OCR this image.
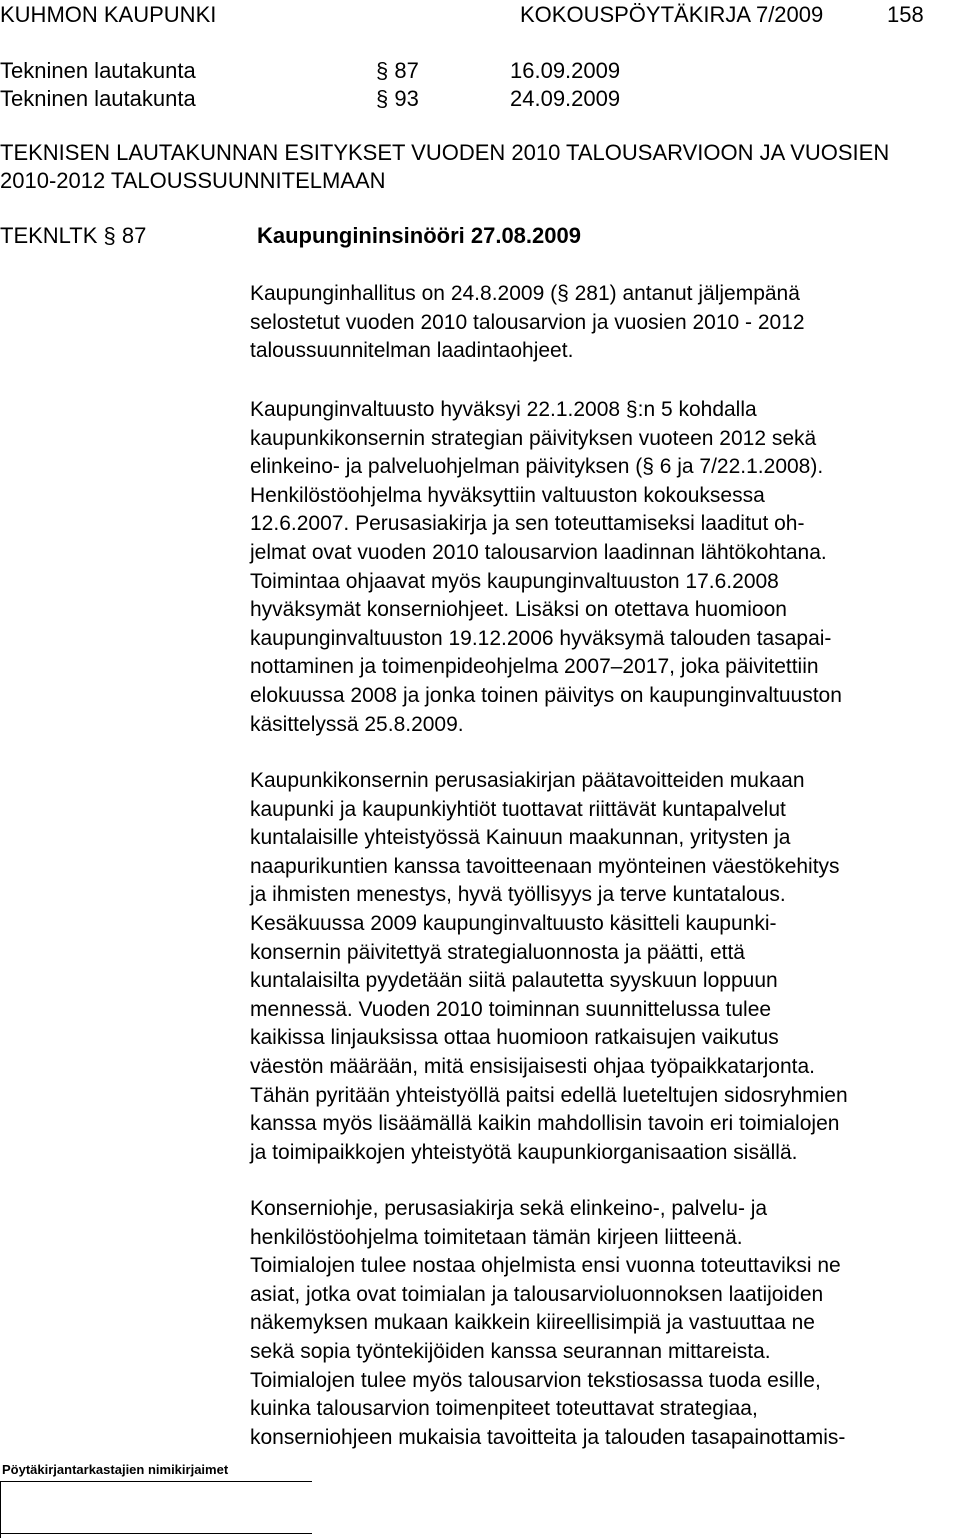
KUHMON KAUPUNKI	KOKOUSPÖYTÄKIRJA 7/2009	158
Tekninen lautakunta	§ 87	16.09.2009
Tekninen lautakunta	§ 93	24.09.2009
TEKNISEN LAUTAKUNNAN ESITYKSET VUODEN 2010 TALOUSARVIOON JA VUOSIEN
2010-2012 TALOUSSUUNNITELMAAN
TEKNLTK § 87	Kaupungininsinööri 27.08.2009
Kaupunginhallitus on 24.8.2009 (§ 281) antanut jäljempänä
selostetut vuoden 2010 talousarvion ja vuosien 2010 - 2012
taloussuunnitelman laadintaohjeet.
Kaupunginvaltuusto hyväksyi 22.1.2008 §:n 5 kohdalla
kaupunkikonsernin strategian päivityksen vuoteen 2012 sekä
elinkeino- ja palveluohjelman päivityksen (§ 6 ja 7/22.1.2008).
Henkilöstöohjelma hyväksyttiin valtuuston kokouksessa
12.6.2007. Perusasiakirja ja sen toteuttamiseksi laaditut oh-
jelmat ovat vuoden 2010 talousarvion laadinnan lähtökohtana.
Toimintaa ohjaavat myös kaupunginvaltuuston 17.6.2008
hyväksymät konserniohjeet. Lisäksi on otettava huomioon
kaupunginvaltuuston 19.12.2006 hyväksymä talouden tasapai-
nottaminen ja toimenpideohjelma 2007–2017, joka päivitettiin
elokuussa 2008 ja jonka toinen päivitys on kaupunginvaltuuston
käsittelyssä 25.8.2009.
Kaupunkikonsernin perusasiakirjan päätavoitteiden mukaan
kaupunki ja kaupunkiyhtiöt tuottavat riittävät kuntapalvelut
kuntalaisille yhteistyössä Kainuun maakunnan, yritysten ja
naapurikuntien kanssa tavoitteenaan myönteinen väestökehitys
ja ihmisten menestys, hyvä työllisyys ja terve kuntatalous.
Kesäkuussa 2009 kaupunginvaltuusto käsitteli kaupunki-
konsernin päivitettyä strategialuonnosta ja päätti, että
kuntalaisilta pyydetään siitä palautetta syyskuun loppuun
mennessä. Vuoden 2010 toiminnan suunnittelussa tulee
kaikissa linjauksissa ottaa huomioon ratkaisujen vaikutus
väestön määrään, mitä ensisijaisesti ohjaa työpaikkatarjonta.
Tähän pyritään yhteistyöllä paitsi edellä lueteltujen sidosryhmien
kanssa myös lisäämällä kaikin mahdollisin tavoin eri toimialojen
ja toimipaikkojen yhteistyötä kaupunkiorganisaation sisällä.
Konserniohje, perusasiakirja sekä elinkeino-, palvelu- ja
henkilöstöohjelma toimitetaan tämän kirjeen liitteenä.
Toimialojen tulee nostaa ohjelmista ensi vuonna toteuttaviksi ne
asiat, jotka ovat toimialan ja talousarvioluonnoksen laatijoiden
näkemyksen mukaan kaikkein kiireellisimpiä ja vastuuttaa ne
sekä sopia työntekijöiden kanssa seurannan mittareista.
Toimialojen tulee myös talousarvion tekstiosassa tuoda esille,
kuinka talousarvion toimenpiteet toteuttavat strategiaa,
konserniohjeen mukaisia tavoitteita ja talouden tasapainottamis-
Pöytäkirjantarkastajien nimikirjaimet
